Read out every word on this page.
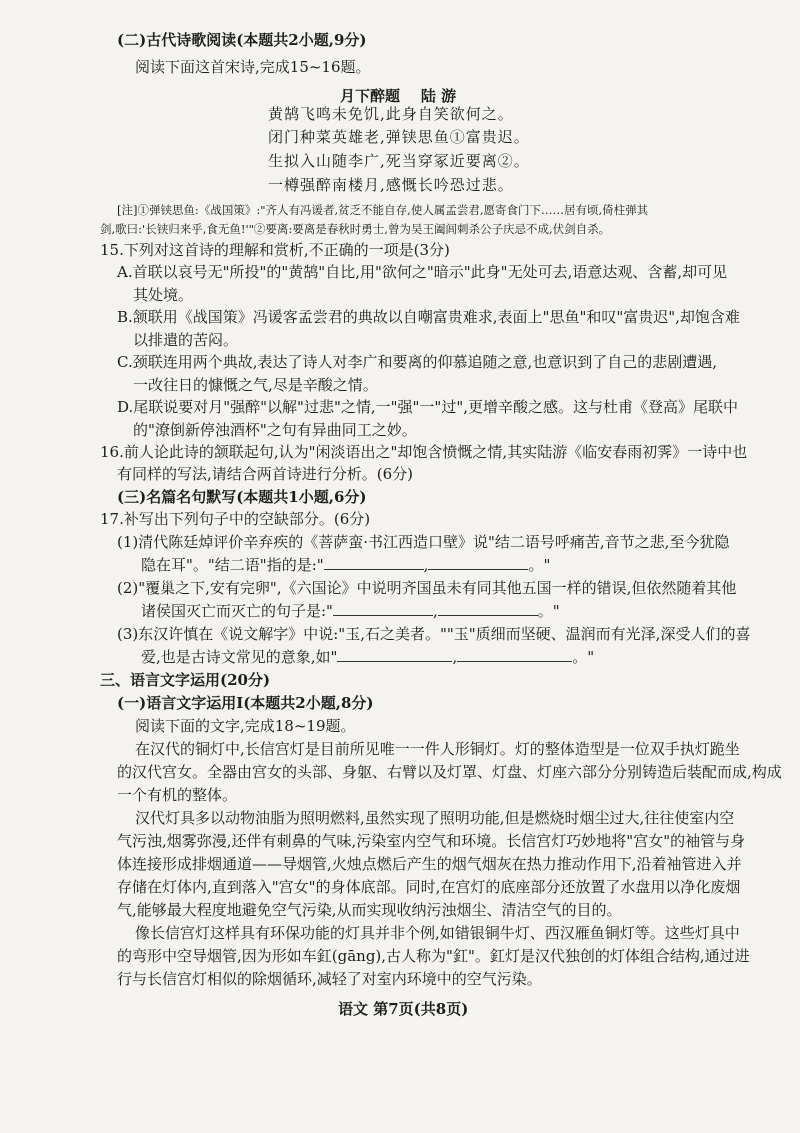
(二)古代诗歌阅读(本题共2小题,9分)
阅读下面这首宋诗,完成15~16题。
月下醉题 陆 游
黄鹄飞鸣未免饥,此身自笑欲何之。
闭门种菜英雄老,弹铗思鱼①富贵迟。
生拟入山随李广,死当穿冢近要离②。
一樽强醉南楼月,感慨长吟恐过悲。
[注]①弹铗思鱼:《战国策》:"齐人有冯谖者,贫乏不能自存,使人属孟尝君,愿寄食门下……居有顷,倚柱弹其
剑,歌曰:'长铗归来乎,食无鱼!'"②要离:要离是春秋时勇士,曾为吴王阖闾刺杀公子庆忌不成,伏剑自杀。
15.下列对这首诗的理解和赏析,不正确的一项是(3分)
A.首联以哀号无"所投"的"黄鹄"自比,用"欲何之"暗示"此身"无处可去,语意达观、含蓄,却可见
其处境。
B.颔联用《战国策》冯谖客孟尝君的典故以自嘲富贵难求,表面上"思鱼"和叹"富贵迟",却饱含难
以排遣的苦闷。
C.颈联连用两个典故,表达了诗人对李广和要离的仰慕追随之意,也意识到了自己的悲剧遭遇,
一改往日的慷慨之气,尽是辛酸之情。
D.尾联说要对月"强醉"以解"过悲"之情,一"强"一"过",更增辛酸之感。这与杜甫《登高》尾联中
的"潦倒新停浊酒杯"之句有异曲同工之妙。
16.前人论此诗的颔联起句,认为"闲淡语出之"却饱含愤慨之情,其实陆游《临安春雨初霁》一诗中也
有同样的写法,请结合两首诗进行分析。(6分)
(三)名篇名句默写(本题共1小题,6分)
17.补写出下列句子中的空缺部分。(6分)
(1)清代陈廷焯评价辛弃疾的《菩萨蛮·书江西造口壁》说"结二语号呼痛苦,音节之悲,至今犹隐
隐在耳"。"结二语"指的是:"	,	。"
(2)"覆巢之下,安有完卵",《六国论》中说明齐国虽未有同其他五国一样的错误,但依然随着其他
诸侯国灭亡而灭亡的句子是:"	,	。"
(3)东汉许慎在《说文解字》中说:"玉,石之美者。""玉"质细而坚硬、温润而有光泽,深受人们的喜
爱,也是古诗文常见的意象,如"	,	。"
三、语言文字运用(20分)
(一)语言文字运用Ⅰ(本题共2小题,8分)
阅读下面的文字,完成18~19题。
在汉代的铜灯中,长信宫灯是目前所见唯一一件人形铜灯。灯的整体造型是一位双手执灯跪坐
的汉代宫女。全器由宫女的头部、身躯、右臂以及灯罩、灯盘、灯座六部分分别铸造后装配而成,构成
一个有机的整体。
汉代灯具多以动物油脂为照明燃料,虽然实现了照明功能,但是燃烧时烟尘过大,往往使室内空
气污浊,烟雾弥漫,还伴有刺鼻的气味,污染室内空气和环境。长信宫灯巧妙地将"宫女"的袖管与身
体连接形成排烟通道——导烟管,火烛点燃后产生的烟气烟灰在热力推动作用下,沿着袖管进入并
存储在灯体内,直到落入"宫女"的身体底部。同时,在宫灯的底座部分还放置了水盘用以净化废烟
气,能够最大程度地避免空气污染,从而实现收纳污浊烟尘、清洁空气的目的。
像长信宫灯这样具有环保功能的灯具并非个例,如错银铜牛灯、西汉雁鱼铜灯等。这些灯具中
的弯形中空导烟管,因为形如车釭(gāng),古人称为"釭"。釭灯是汉代独创的灯体组合结构,通过进
行与长信宫灯相似的除烟循环,减轻了对室内环境中的空气污染。
语文 第7页(共8页)
